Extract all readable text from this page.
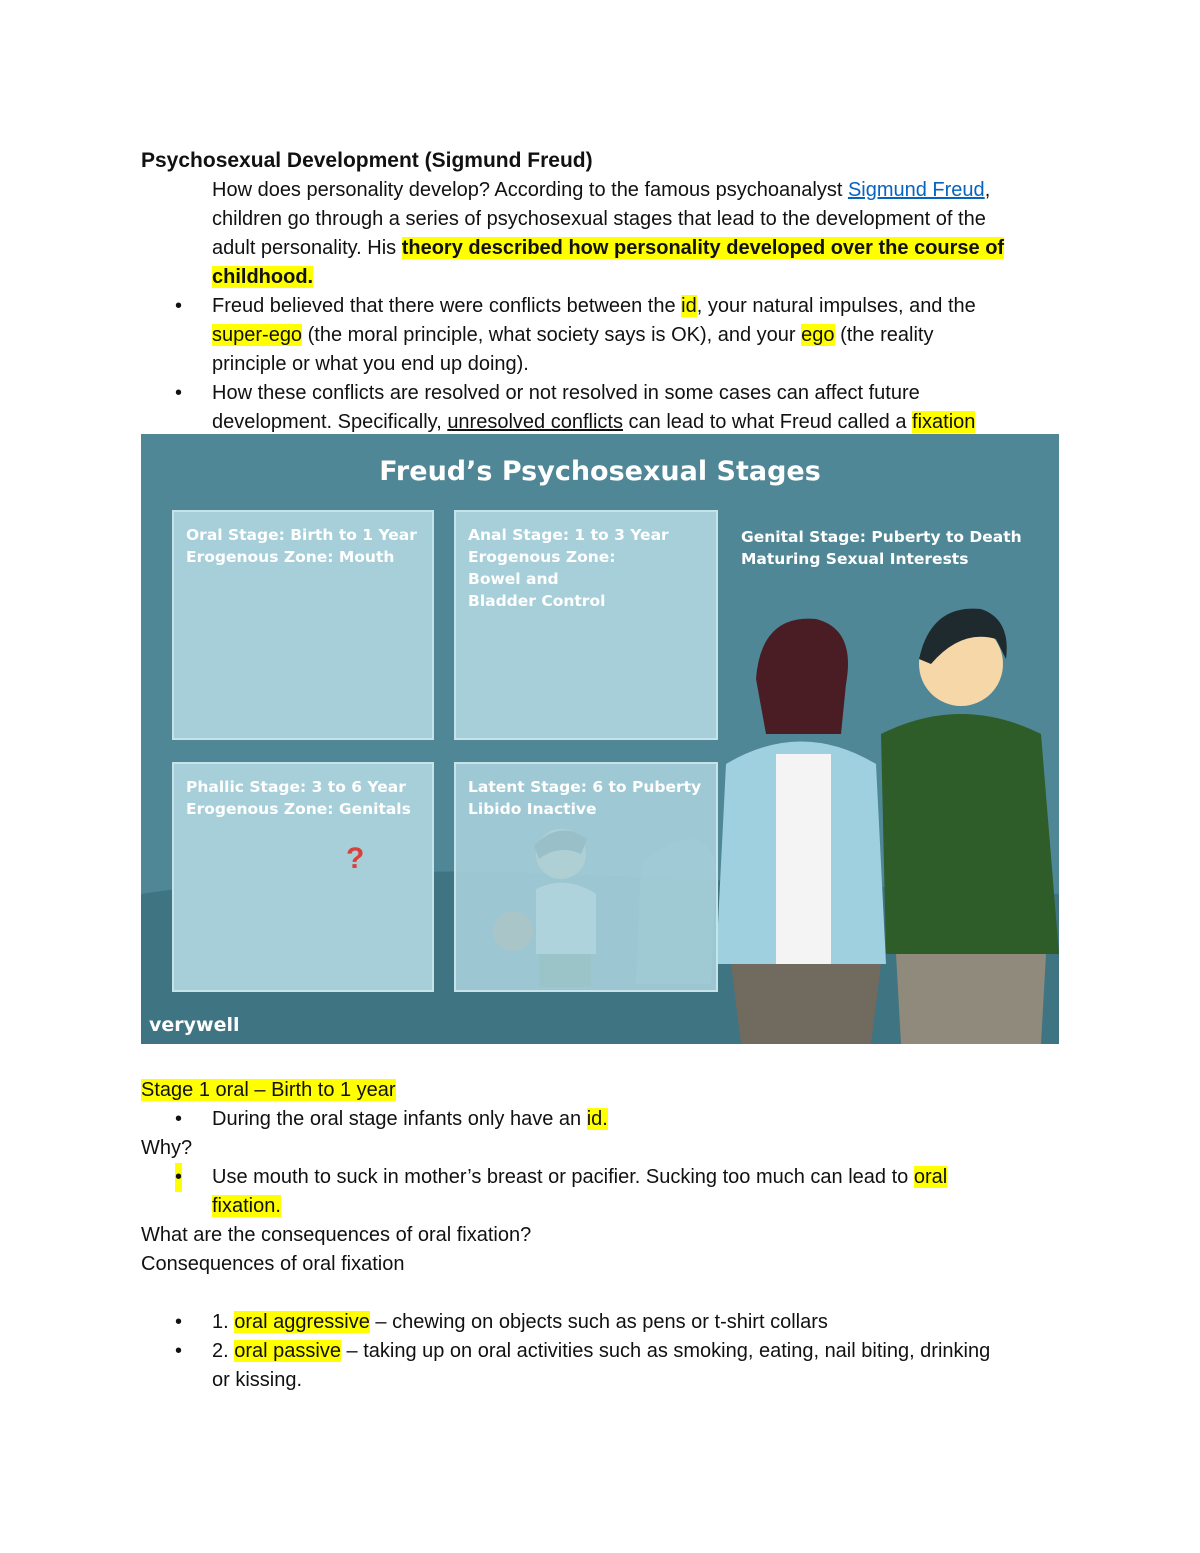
Psychosexual Development (Sigmund Freud)
How does personality develop? According to the famous psychoanalyst Sigmund Freud,
children go through a series of psychosexual stages that lead to the development of the
adult personality. His theory described how personality developed over the course of
childhood.
• Freud believed that there were conflicts between the id, your natural impulses, and the
super-ego (the moral principle, what society says is OK), and your ego (the reality
principle or what you end up doing).
• How these conflicts are resolved or not resolved in some cases can affect future
development. Specifically, unresolved conflicts can lead to what Freud called a fixation
Freud’s Psychosexual Stages
Oral Stage: Birth to 1 Year
Erogenous Zone: Mouth
Anal Stage: 1 to 3 Year
Erogenous Zone:
Bowel and
Bladder Control
Phallic Stage: 3 to 6 Year
Erogenous Zone: Genitals
?
Latent Stage: 6 to Puberty
Libido Inactive
Genital Stage: Puberty to Death
Maturing Sexual Interests
verywell
Stage 1 oral – Birth to 1 year
• During the oral stage infants only have an id.
Why?
• Use mouth to suck in mother’s breast or pacifier. Sucking too much can lead to oral
fixation.
What are the consequences of oral fixation?
Consequences of oral fixation
• 1. oral aggressive – chewing on objects such as pens or t-shirt collars
• 2. oral passive – taking up on oral activities such as smoking, eating, nail biting, drinking
or kissing.
